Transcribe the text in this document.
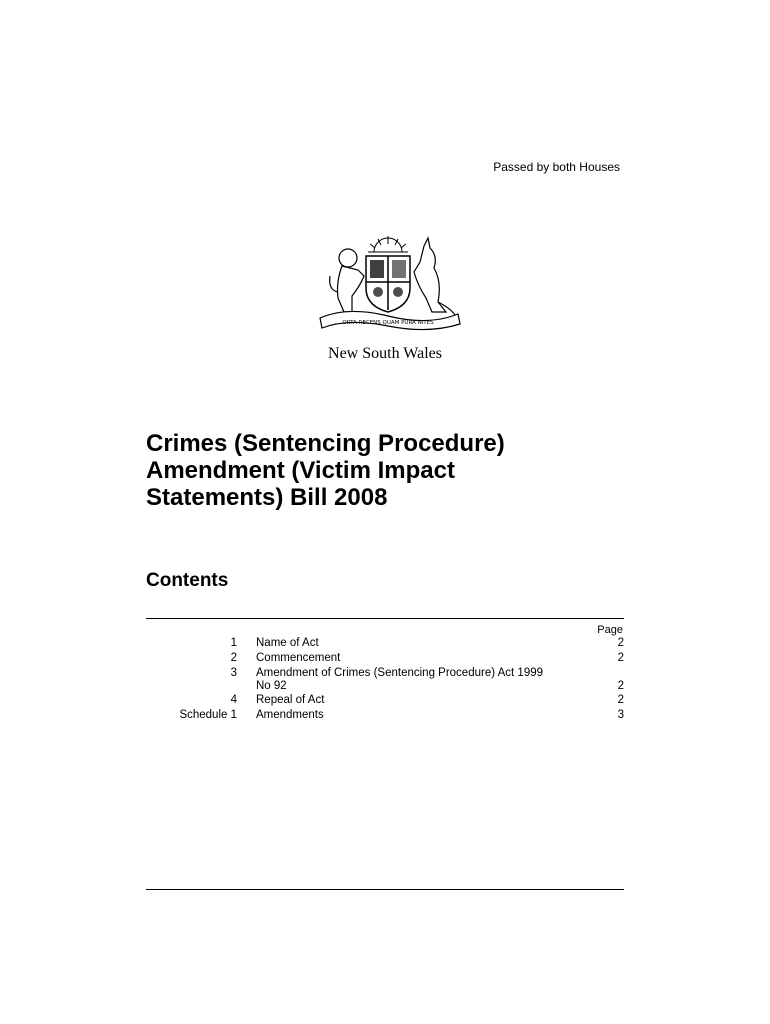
Passed by both Houses
ORTA RECENS QUAM PURA NITES
New South Wales
Crimes (Sentencing Procedure)
Amendment (Victim Impact
Statements) Bill 2008
Contents
Page
1 Name of Act	2
2 Commencement	2
3 Amendment of Crimes (Sentencing Procedure) Act 1999
No 92	2
4 Repeal of Act	2
Schedule 1 Amendments	3
